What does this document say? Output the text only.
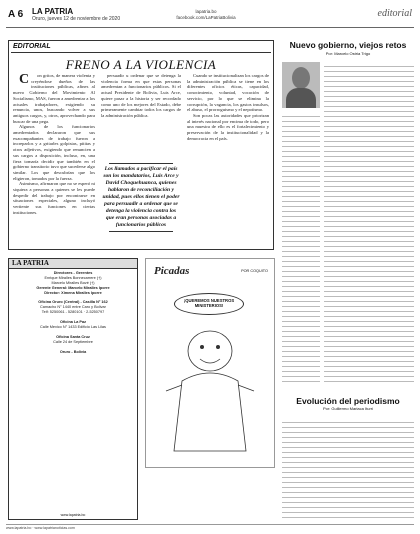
A 6 LA PATRIA
Oruro, jueves 12 de noviembre de 2020
lapatria.bo
facebook.com/LaPatriaBolivia	editorial
EDITORIAL
FRENO A LA VIOLENCIA

C on gritos, de manera violenta y creyéndose dueños de las instituciones públicas, afines al nuevo Gobierno del Movimiento Al Socialismo, MAS, fueron a amedrentar a los actuales trabajadores, exigiendo su renuncia, unos, buscando volver a sus antiguos cargos, y, otros, aprovechando para buscar de una pega.

Algunos de los funcionarios amedrentados declararon que sus exacompañantes de trabajo fueron a increparlos y a gritarles golpistas, pititas y otros adjetivos, exigiendo que renuncien a sus cargos a disposición, incluso, en, una fiera tomaría decidir que también en el gobierno transitorio tuvo que sucederse algo similar. Los que descubrían que los eligieron, tomados por la fuerza.

Asimismo, afirmaron que no se esperó ni siquiera a personas a quienes se les puede despedir del trabajo por encontrarse en situaciones especiales, alguno incluyó vertiente sus funciones en ciertas instituciones.

persuadir u ordenar que se detenga la violencia forma en que estas personas amedrentan a funcionarios públicos. Si el actual Presidente de Bolivia, Luis Arce, quiere pasar a la historia y ser recordado como uno de los mejores del Estado, debe primeramente cambiar todos los cargos de la administración pública.

Los llamados a pacificar el país son los mandatarios, Luis Arce y David Choquehuanca, quienes hablaron de reconciliación y unidad, pues ellos tienen el poder para persuadir a ordenar que se detenga la violencia contra los que eran personas asociadas a funcionarios públicos

Cuando se institucionalizan los cargos de la administración pública se tiene en los diferentes oficios éticas, capacidad, conocimiento, voluntad, vocación de servicio, por lo que se elimina la corrupción, la vagancia, los gastos insulsos, el abuso, el prorroguismo y el nepotismo.

Son pocas las autoridades que priorizan al interés nacional por encima de todo, pero una muestra de ello es el fortalecimiento y preservación de la institucionalidad y la democracia en el país.

Nuevo gobierno, viejos retos
Por: Marcelo Ostria Trigo
LA PATRIA
Directores - Gerentes
Enrique Miralles Bonnecarrere (†)
Marcelo Miralles Bové (†)
Gerente General: Marcelo Miralles Iporre
Director: Ximena Miralles Iporre

Oficina Oruro (Central) - Casilla N° 162
Camacho N° 1440 entre Caro y Bolívar
Telf: 5250061 - 5280101 · 2-5250797

Oficina La Paz
Calle Mexico N° 1433 Edificio Las Lilas

Oficina Santa Cruz
Calle 24 de Septiembre

Oruro - Bolivia
www.lapatria.bo
Picadas	POR COQUITO
¡QUEREMOS NUESTROS MINISTERIOS!
Evolución del periodismo
Por: Guillermo Mariaca Iturri
www.lapatria.bo · www.lapatrianoticias.com
